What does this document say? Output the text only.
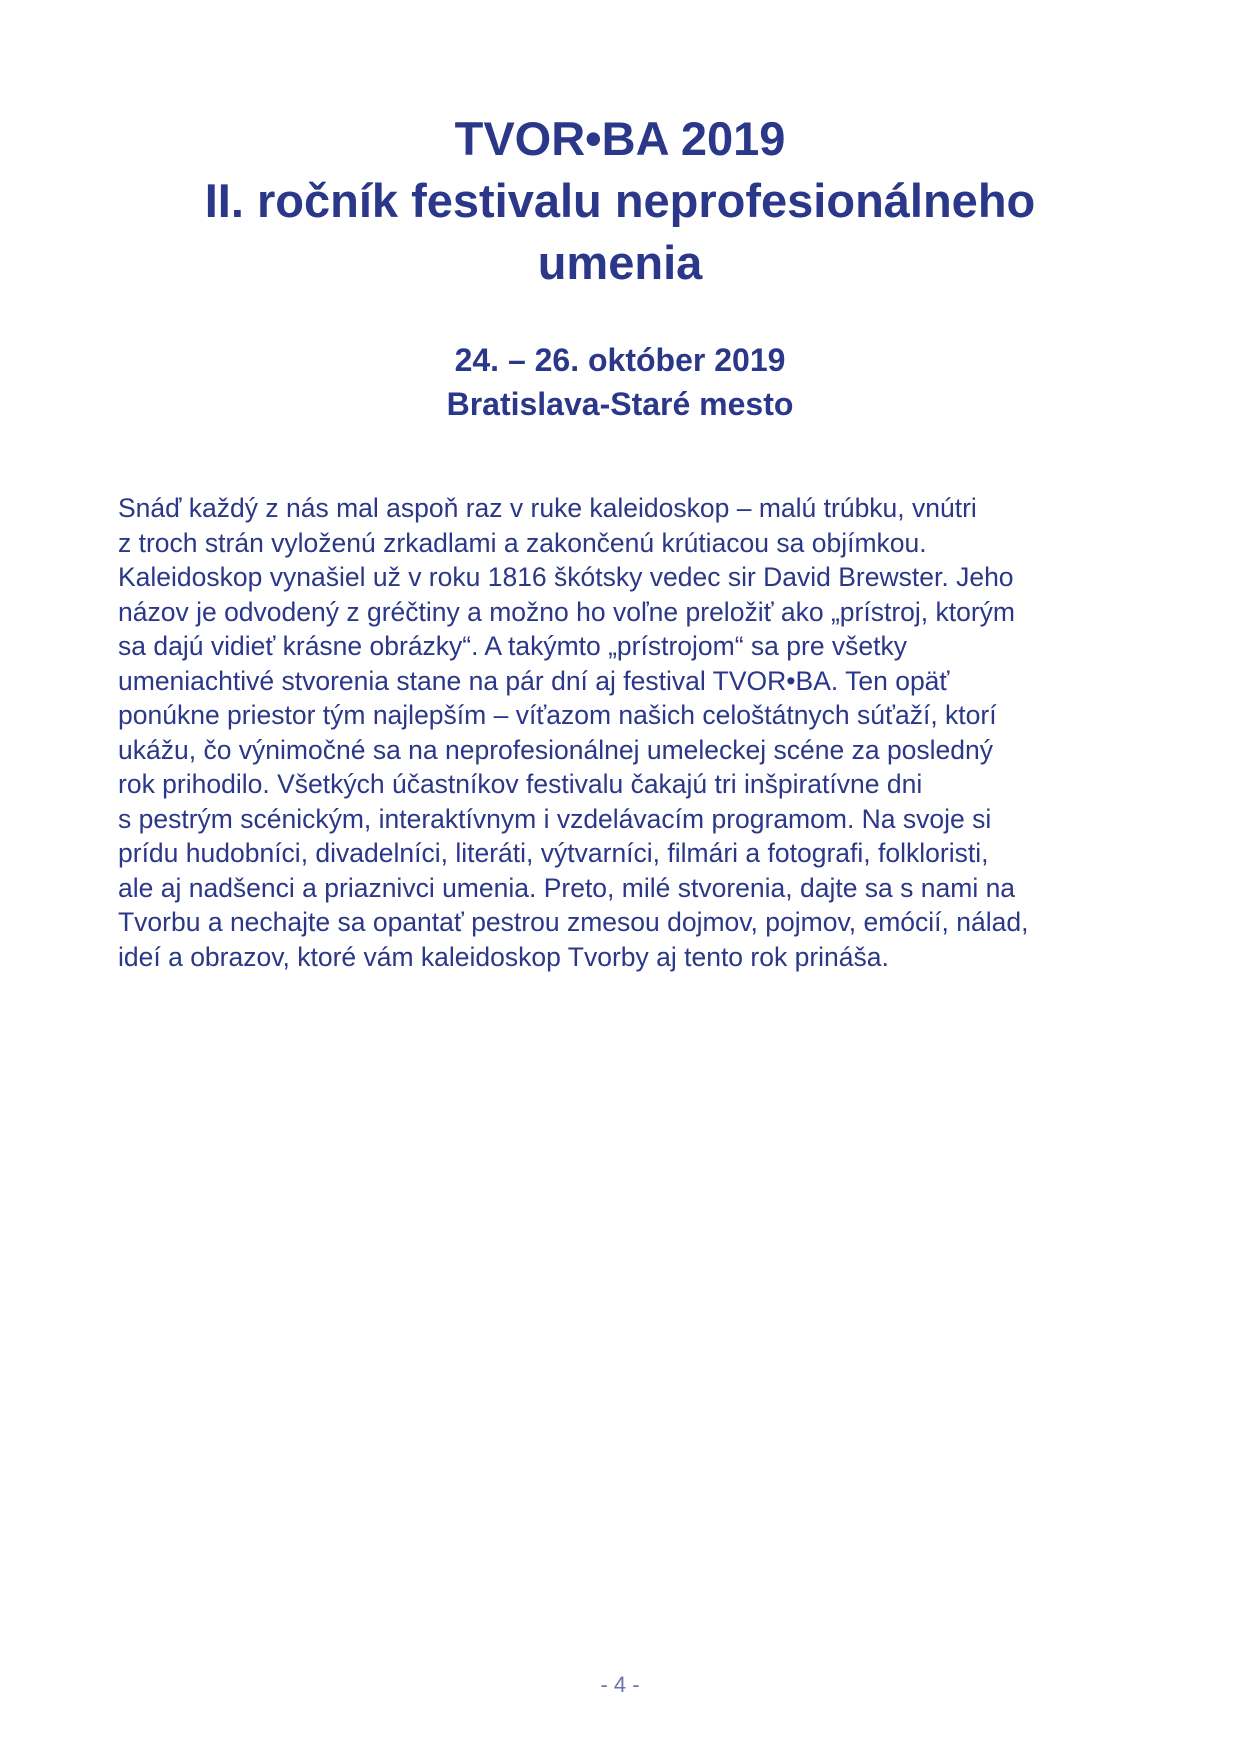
TVOR•BA 2019
II. ročník festivalu neprofesionálneho
umenia
24. – 26. október 2019
Bratislava-Staré mesto
Snáď každý z nás mal aspoň raz v ruke kaleidoskop – malú trúbku, vnútri
z troch strán vyloženú zrkadlami a zakončenú krútiacou sa objímkou.
Kaleidoskop vynašiel už v roku 1816 škótsky vedec sir David Brewster. Jeho
názov je odvodený z gréčtiny a možno ho voľne preložiť ako „prístroj, ktorým
sa dajú vidieť krásne obrázky“. A takýmto „prístrojom“ sa pre všetky
umeniachtivé stvorenia stane na pár dní aj festival TVOR•BA. Ten opäť
ponúkne priestor tým najlepším – víťazom našich celoštátnych súťaží, ktorí
ukážu, čo výnimočné sa na neprofesionálnej umeleckej scéne za posledný
rok prihodilo. Všetkých účastníkov festivalu čakajú tri inšpiratívne dni
s pestrým scénickým, interaktívnym i vzdelávacím programom. Na svoje si
prídu hudobníci, divadelníci, literáti, výtvarníci, filmári a fotografi, folkloristi,
ale aj nadšenci a priaznivci umenia. Preto, milé stvorenia, dajte sa s nami na
Tvorbu a nechajte sa opantať pestrou zmesou dojmov, pojmov, emócií, nálad,
ideí a obrazov, ktoré vám kaleidoskop Tvorby aj tento rok prináša.
- 4 -
